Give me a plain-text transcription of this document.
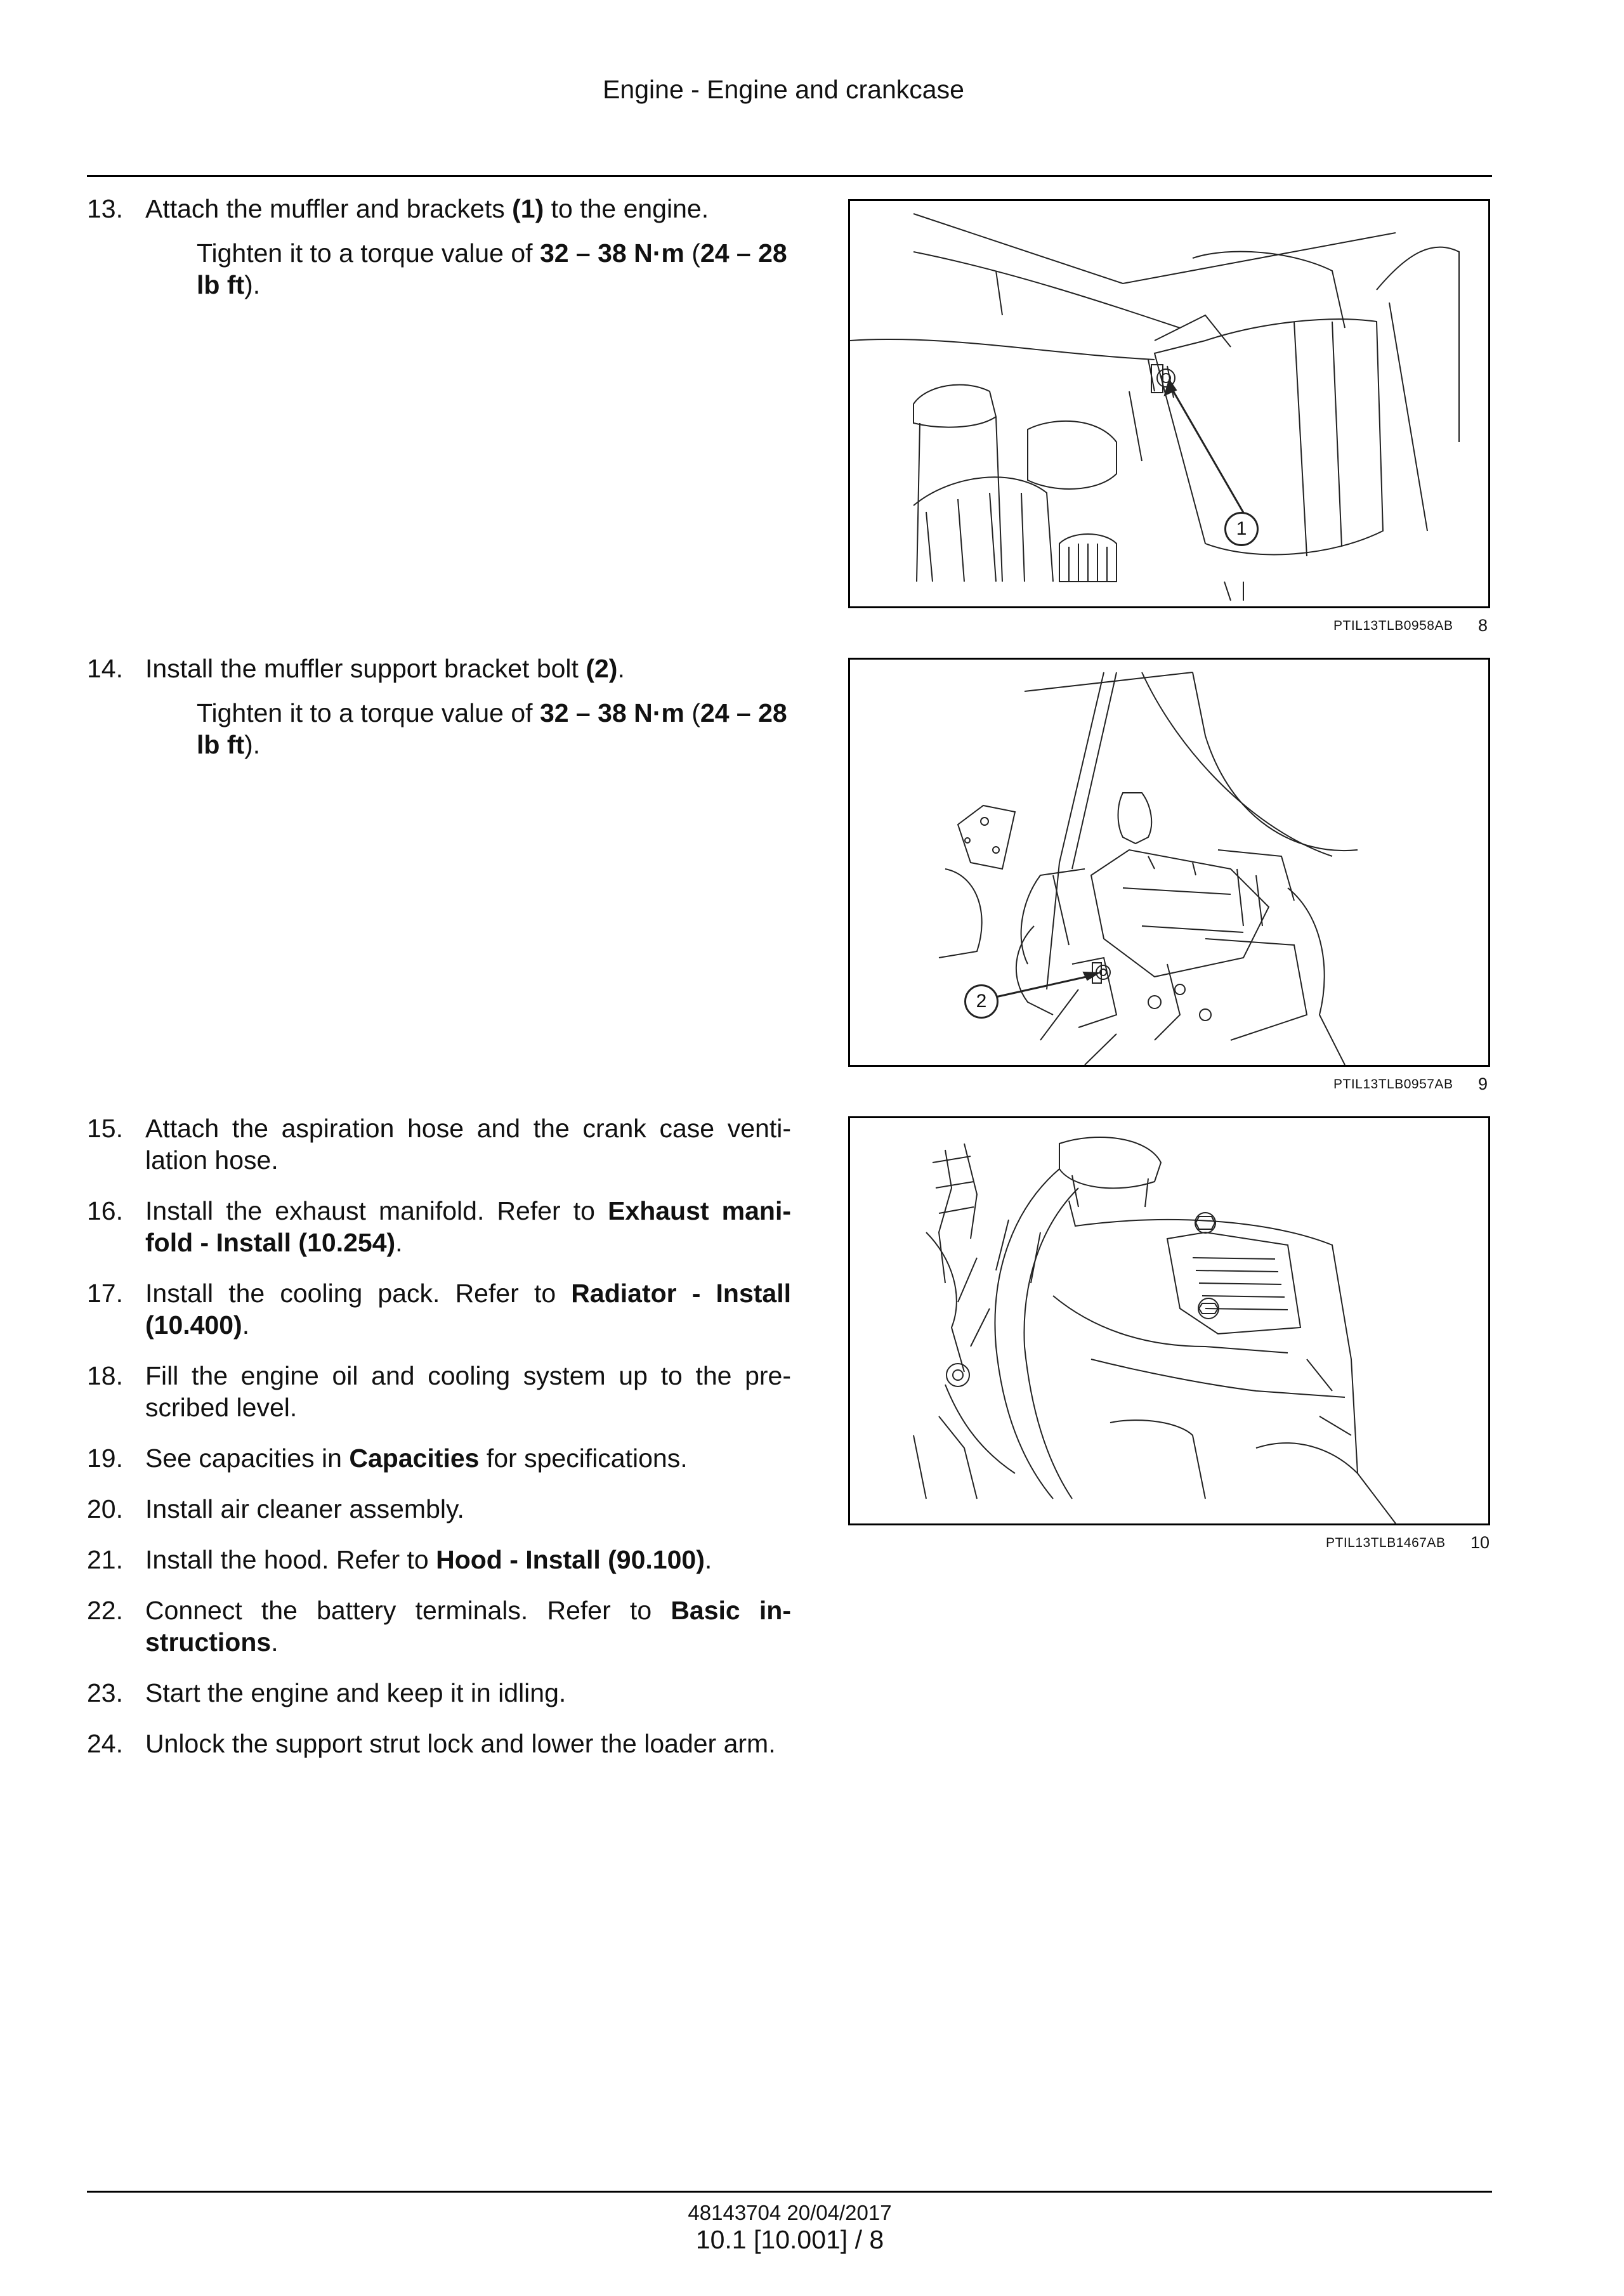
Engine - Engine and crankcase
13. Attach the muffler and brackets (1) to the engine.
Tighten it to a torque value of 32 – 38 N·m (24 – 28 lb ft).
14. Install the muffler support bracket bolt (2).
Tighten it to a torque value of 32 – 38 N·m (24 – 28 lb ft).
15. Attach the aspiration hose and the crank case venti-lation hose.
16. Install the exhaust manifold. Refer to Exhaust mani-fold - Install (10.254).
17. Install the cooling pack. Refer to Radiator - Install (10.400).
18. Fill the engine oil and cooling system up to the pre-scribed level.
19. See capacities in Capacities for specifications.
20. Install air cleaner assembly.
21. Install the hood. Refer to Hood - Install (90.100).
22. Connect the battery terminals. Refer to Basic in-structions.
23. Start the engine and keep it in idling.
24. Unlock the support strut lock and lower the loader arm.
1
PTIL13TLB0958AB 8
2
PTIL13TLB0957AB 9
PTIL13TLB1467AB 10
48143704 20/04/2017
10.1 [10.001] / 8
